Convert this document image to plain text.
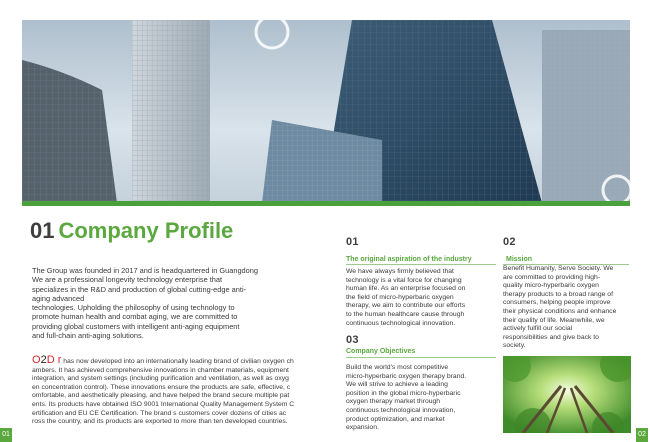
01	02
01 Company Profile
The Group was founded in 2017 and is headquartered in Guangdong
We are a professional longevity technology enterprise that
specializes in the R&D and production of global cutting-edge anti-
aging advanced
technologies. Upholding the philosophy of using technology to
promote human health and combat aging, we are committed to
providing global customers with intelligent anti-aging equipment
and full-chain anti-aging solutions.
O2D r has now developed into an internationally leading brand of civilian oxygen ch
ambers. It has achieved comprehensive innovations in chamber materials, equipment
integration, and system settings (including purification and ventilation, as well as oxyg
en concentration control). These innovations ensure the products are safe, effective, c
omfortable, and aesthetically pleasing, and have helped the brand secure multiple pat
ents. Its products have obtained ISO 9001 International Quality Management System C
ertification and EU CE Certification. The brand s customers cover dozens of cities ac
ross the country, and its products are exported to more than ten developed countries.
01
The original aspiration of the industry
We have always firmly believed that
technology is a vital force for changing
human life. As an enterprise focused on
the field of micro-hyperbaric oxygen
therapy, we aim to contribute our efforts
to the human healthcare cause through
continuous technological innovation.
03
Company Objectives
Build the world's most competitive
micro-hyperbaric oxygen therapy brand.
We will strive to achieve a leading
position in the global micro-hyperbaric
oxygen therapy market through
continuous technological innovation,
product optimization, and market
expansion.
02
Mission
Benefit Humanity, Serve Society. We
are committed to providing high-
quality micro-hyperbaric oxygen
therapy products to a broad range of
consumers, helping people improve
their physical conditions and enhance
their quality of life. Meanwhile, we
actively fulfill our social
responsibilities and give back to
society.
